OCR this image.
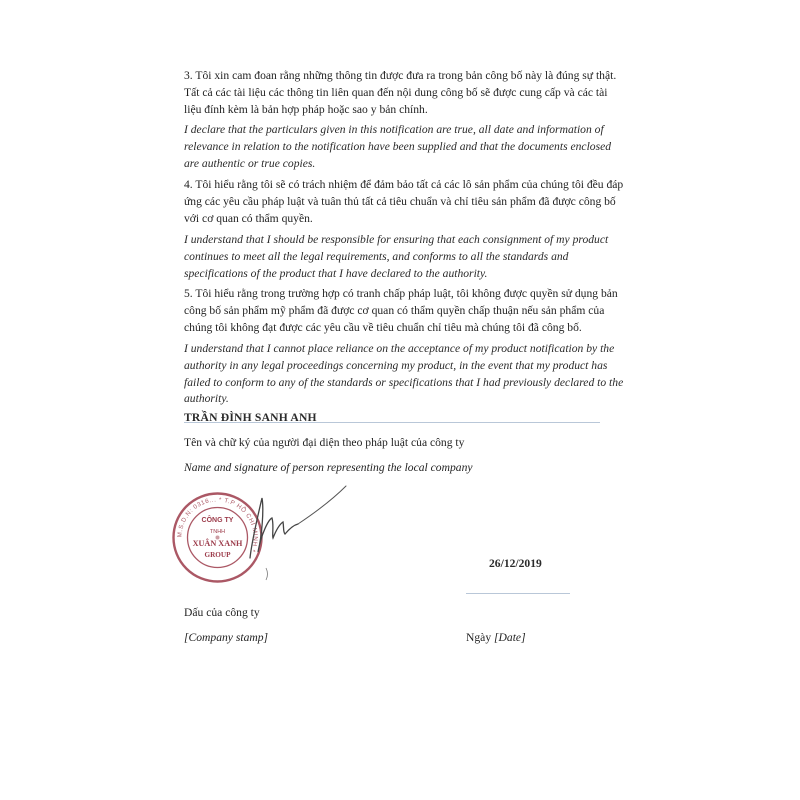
3. Tôi xin cam đoan rằng những thông tin được đưa ra trong bản công bố này là đúng sự thật. Tất cả các tài liệu các thông tin liên quan đến nội dung công bố sẽ được cung cấp và các tài liệu đính kèm là bản hợp pháp hoặc sao y bản chính.

I declare that the particulars given in this notification are true, all date and information of relevance in relation to the notification have been supplied and that the documents enclosed are authentic or true copies.

4. Tôi hiểu rằng tôi sẽ có trách nhiệm để đảm bảo tất cả các lô sản phẩm của chúng tôi đều đáp ứng các yêu cầu pháp luật và tuân thủ tất cả tiêu chuẩn và chỉ tiêu sản phẩm đã được công bố với cơ quan có thẩm quyền.

I understand that I should be responsible for ensuring that each consignment of my product continues to meet all the legal requirements, and conforms to all the standards and specifications of the product that I have declared to the authority.

5. Tôi hiểu rằng trong trường hợp có tranh chấp pháp luật, tôi không được quyền sử dụng bản công bố sản phẩm mỹ phẩm đã được cơ quan có thẩm quyền chấp thuận nếu sản phẩm của chúng tôi không đạt được các yêu cầu về tiêu chuẩn chỉ tiêu mà chúng tôi đã công bố.

I understand that I cannot place reliance on the acceptance of my product notification by the authority in any legal proceedings concerning my product, in the event that my product has failed to conform to any of the standards or specifications that I had previously declared to the authority.

TRẦN ĐÌNH SANH ANH
Tên và chữ ký của người đại diện theo pháp luật của công ty
Name and signature of person representing the local company
M.S.D.N: 0316... * T.P HỒ CHÍ MINH *
CÔNG TY
TNHH
XUÂN XANH
GROUP
26/12/2019
Dấu của công ty
[Company stamp]	Ngày [Date]
